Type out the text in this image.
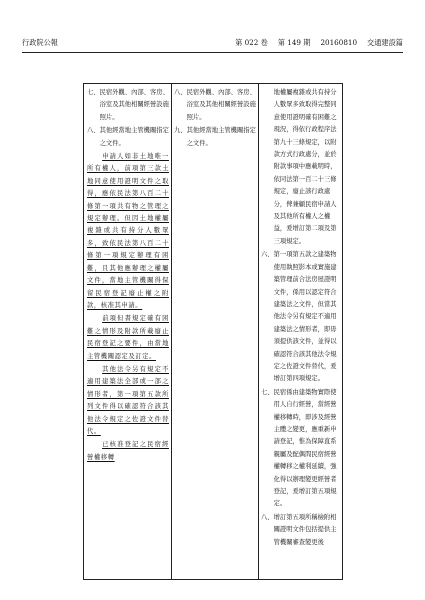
行政院公報	第 022 卷 第 149 期 20160810 交通建設篇
七、 民宿外觀、內部、客房、浴室及其他相關經營設施照片。
八、 其他經當地主管機關指定之文件。

申請人如非土地唯一所有權人，前項第三款土地同意使用證明文件之取得，應依民法第八百二十條第一項共有物之管理之規定辦理。但因土地權屬複雜或共有持分人數眾多，致依民法第八百二十條第一項規定辦理有困難，且其他應辦理之權屬文件，當地主管機關得保留民宿登記廢止權之附款，核准其申請。

前項但書規定確有困難之情形及附款所載廢止民宿登記之要件，由當地主管機關認定及訂定。

其他法令另有規定不適用建築法全部或一部之情形者，第一項第五款所列文件得以確認符合該其他法令規定之佐證文件替代。

已核准登記之民宿經營權移轉

八、 民宿外觀、內部、客房、浴室及其他相關經營設施照片。
九、 其他經當地主管機關指定之文件。
地權屬複雜或共有持分人數眾多致取得完整同意使用證明確有困難之現況，得依行政程序法第九十三條規定，以附款方式行政處分，並於附款事項中應載明時，依同法第一百二十三條規定，廢止該行政處分，俾兼顧民宿申請人及其他所有權人之權益，爰增訂第二項及第三項規定。
六、 第一項第五款之建築物使用執照影本或實施建築管理前合法房屋證明文件，係用以認定符合建築法之文件，但當其他法令另有規定不適用建築法之情形者，即毋須提供該文件，並得以確認符合該其他法令規定之佐證文件替代，爰增訂第四項規定。
七、 民宿係由建築物實際使用人自行經營，當經營權移轉時，即涉及經營主體之變更，應重新申請登記，惟為保障直系親屬及配偶間民宿經營權轉移之權利延續，強化得以辦理變更經營者登記，爰增訂第五項規定。
八、 增訂第五項所稱檢附相關證明文件包括提供主管機關審查變更後
